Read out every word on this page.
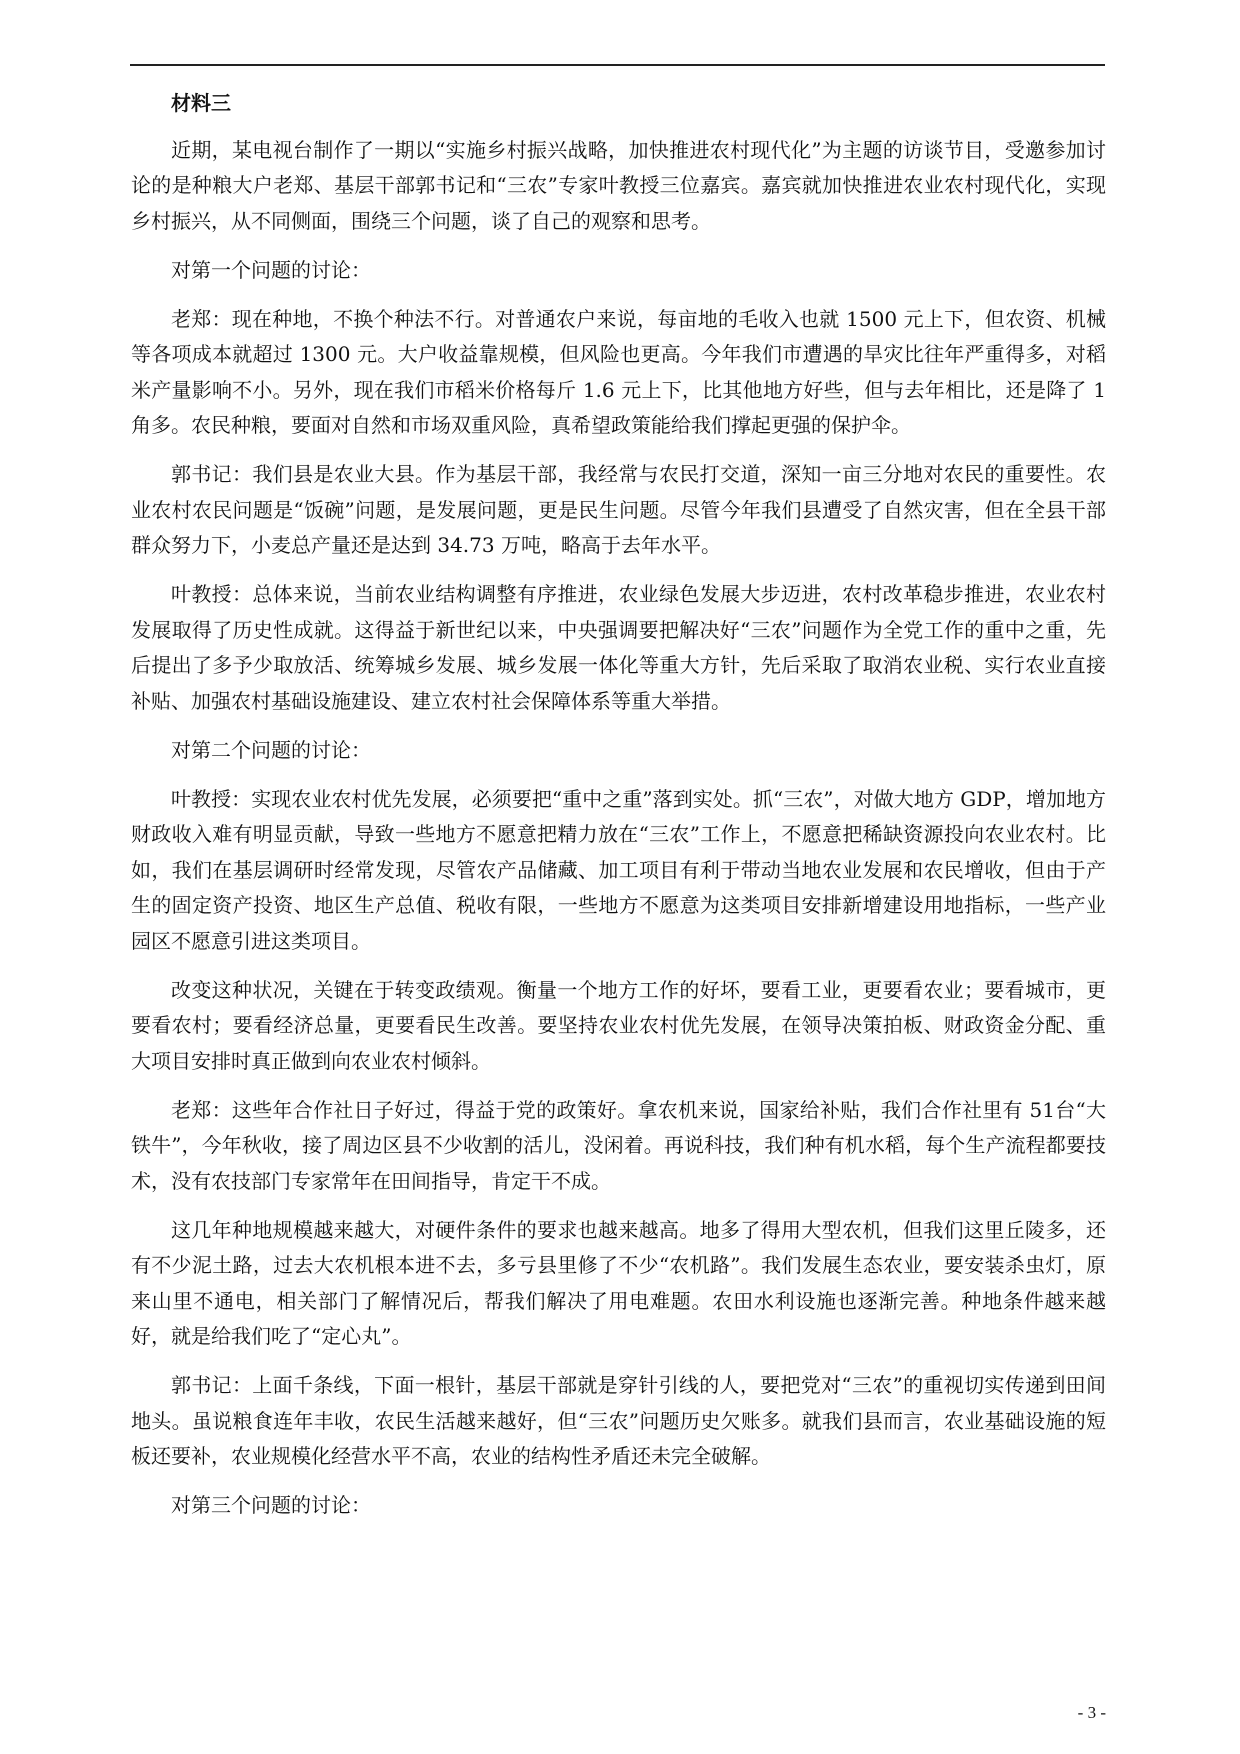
材料三

近期，某电视台制作了一期以“实施乡村振兴战略，加快推进农村现代化”为主题的访谈节目，受邀参加讨论的是种粮大户老郑、基层干部郭书记和“三农”专家叶教授三位嘉宾。嘉宾就加快推进农业农村现代化，实现乡村振兴，从不同侧面，围绕三个问题，谈了自己的观察和思考。

对第一个问题的讨论：

老郑：现在种地，不换个种法不行。对普通农户来说，每亩地的毛收入也就 1500 元上下，但农资、机械等各项成本就超过 1300 元。大户收益靠规模，但风险也更高。今年我们市遭遇的旱灾比往年严重得多，对稻米产量影响不小。另外，现在我们市稻米价格每斤 1.6 元上下，比其他地方好些，但与去年相比，还是降了 1 角多。农民种粮，要面对自然和市场双重风险，真希望政策能给我们撑起更强的保护伞。

郭书记：我们县是农业大县。作为基层干部，我经常与农民打交道，深知一亩三分地对农民的重要性。农业农村农民问题是“饭碗”问题，是发展问题，更是民生问题。尽管今年我们县遭受了自然灾害，但在全县干部群众努力下，小麦总产量还是达到 34.73 万吨，略高于去年水平。

叶教授：总体来说，当前农业结构调整有序推进，农业绿色发展大步迈进，农村改革稳步推进，农业农村发展取得了历史性成就。这得益于新世纪以来，中央强调要把解决好“三农”问题作为全党工作的重中之重，先后提出了多予少取放活、统筹城乡发展、城乡发展一体化等重大方针，先后采取了取消农业税、实行农业直接补贴、加强农村基础设施建设、建立农村社会保障体系等重大举措。

对第二个问题的讨论：

叶教授：实现农业农村优先发展，必须要把“重中之重”落到实处。抓“三农”，对做大地方 GDP，增加地方财政收入难有明显贡献，导致一些地方不愿意把精力放在“三农”工作上，不愿意把稀缺资源投向农业农村。比如，我们在基层调研时经常发现，尽管农产品储藏、加工项目有利于带动当地农业发展和农民增收，但由于产生的固定资产投资、地区生产总值、税收有限，一些地方不愿意为这类项目安排新增建设用地指标，一些产业园区不愿意引进这类项目。

改变这种状况，关键在于转变政绩观。衡量一个地方工作的好坏，要看工业，更要看农业；要看城市，更要看农村；要看经济总量，更要看民生改善。要坚持农业农村优先发展，在领导决策拍板、财政资金分配、重大项目安排时真正做到向农业农村倾斜。

老郑：这些年合作社日子好过，得益于党的政策好。拿农机来说，国家给补贴，我们合作社里有 51台“大铁牛”，今年秋收，接了周边区县不少收割的活儿，没闲着。再说科技，我们种有机水稻，每个生产流程都要技术，没有农技部门专家常年在田间指导，肯定干不成。

这几年种地规模越来越大，对硬件条件的要求也越来越高。地多了得用大型农机，但我们这里丘陵多，还有不少泥土路，过去大农机根本进不去，多亏县里修了不少“农机路”。我们发展生态农业，要安装杀虫灯，原来山里不通电，相关部门了解情况后，帮我们解决了用电难题。农田水利设施也逐渐完善。种地条件越来越好，就是给我们吃了“定心丸”。

郭书记：上面千条线，下面一根针，基层干部就是穿针引线的人，要把党对“三农”的重视切实传递到田间地头。虽说粮食连年丰收，农民生活越来越好，但“三农”问题历史欠账多。就我们县而言，农业基础设施的短板还要补，农业规模化经营水平不高，农业的结构性矛盾还未完全破解。

对第三个问题的讨论：

- 3 -
